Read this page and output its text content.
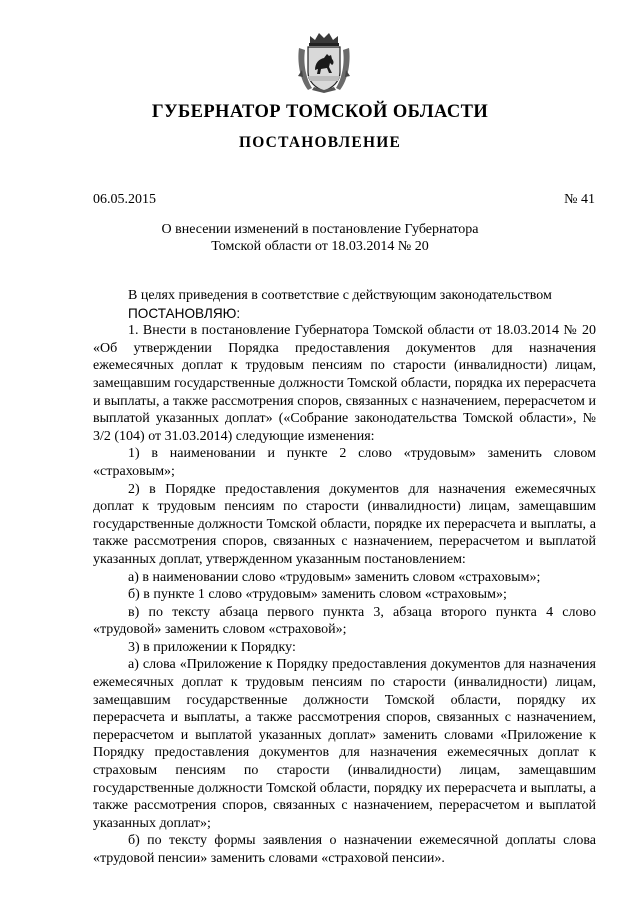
ГУБЕРНАТОР ТОМСКОЙ ОБЛАСТИ
ПОСТАНОВЛЕНИЕ
06.05.2015	№ 41
О внесении изменений в постановление Губернатора
Томской области от 18.03.2014 № 20

В целях приведения в соответствие с действующим законодательством

ПОСТАНОВЛЯЮ:

1. Внести в постановление Губернатора Томской области от 18.03.2014 № 20 «Об утверждении Порядка предоставления документов для назначения ежемесячных доплат к трудовым пенсиям по старости (инвалидности) лицам, замещавшим государственные должности Томской области, порядка их перерасчета и выплаты, а также рассмотрения споров, связанных с назначением, перерасчетом и выплатой указанных доплат» («Собрание законодательства Томской области», № 3/2 (104) от 31.03.2014) следующие изменения:

1) в наименовании и пункте 2 слово «трудовым» заменить словом «страховым»;

2) в Порядке предоставления документов для назначения ежемесячных доплат к трудовым пенсиям по старости (инвалидности) лицам, замещавшим государственные должности Томской области, порядке их перерасчета и выплаты, а также рассмотрения споров, связанных с назначением, перерасчетом и выплатой указанных доплат, утвержденном указанным постановлением:

а) в наименовании слово «трудовым» заменить словом «страховым»;

б) в пункте 1 слово «трудовым» заменить словом «страховым»;

в) по тексту абзаца первого пункта 3, абзаца второго пункта 4 слово «трудовой» заменить словом «страховой»;

3) в приложении к Порядку:

а) слова «Приложение к Порядку предоставления документов для назначения ежемесячных доплат к трудовым пенсиям по старости (инвалидности) лицам, замещавшим государственные должности Томской области, порядку их перерасчета и выплаты, а также рассмотрения споров, связанных с назначением, перерасчетом и выплатой указанных доплат» заменить словами «Приложение к Порядку предоставления документов для назначения ежемесячных доплат к страховым пенсиям по старости (инвалидности) лицам, замещавшим государственные должности Томской области, порядку их перерасчета и выплаты, а также рассмотрения споров, связанных с назначением, перерасчетом и выплатой указанных доплат»;

б) по тексту формы заявления о назначении ежемесячной доплаты слова «трудовой пенсии» заменить словами «страховой пенсии».
